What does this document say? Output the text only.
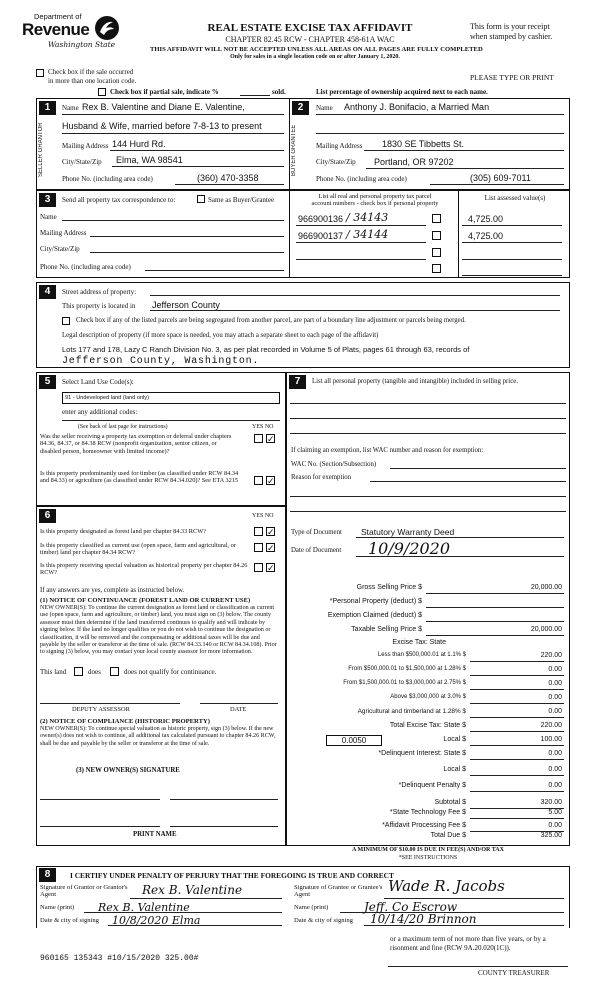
Department of
Revenue
Washington State
REAL ESTATE EXCISE TAX AFFIDAVIT
CHAPTER 82.45 RCW - CHAPTER 458-61A WAC
THIS AFFIDAVIT WILL NOT BE ACCEPTED UNLESS ALL AREAS ON ALL PAGES ARE FULLY COMPLETED
Only for sales in a single location code on or after January 1, 2020.
This form is your receipt
when stamped by cashier.
PLEASE TYPE OR PRINT
Check box if the sale occurred
in more than one location code.
Check box if partial sale, indicate %	sold.	List percentage of ownership acquired next to each name.
1
SELLER GRANTOR
Name Rex B. Valentine and Diane E. Valentine,
Husband & Wife, married before 7-8-13 to present
Mailing Address 144 Hurd Rd.
City/State/Zip Elma, WA 98541
Phone No. (including area code)	(360) 470-3358
2
BUYER GRANTEE
Name Anthony J. Bonifacio, a Married Man
Mailing Address 1830 SE Tibbetts St.
City/State/Zip Portland, OR 97202
Phone No. (including area code)	(305) 609-7011
3	Send all property tax correspondence to:	Same as Buyer/Grantee
Name
Mailing Address
City/State/Zip
Phone No. (including area code)
List all real and personal property tax parcel
account numbers - check box if personal property
List assessed value(s)
966900136 / 34143	4,725.00
966900137 / 34144	4,725.00
4	Street address of property:
This property is located in Jefferson County
Check box if any of the listed parcels are being segregated from another parcel, are part of a boundary line adjustment or parcels being merged.
Legal description of property (if more space is needed, you may attach a separate sheet to each page of the affidavit)
Lots 177 and 178, Lazy C Ranch Division No. 3, as per plat recorded in Volume 5 of Plats, pages 61 through 63, records of
Jefferson County, Washington.
5	Select Land Use Code(s):
91 - Undeveloped land (land only)
enter any additional codes:
(See back of last page for instructions)	YES NO
Was the seller receiving a property tax exemption or deferral under chapters 84.36, 84.37, or 84.38 RCW (nonprofit organization, senior citizen, or disabled person, homeowner with limited income)?
✓
Is this property predominantly used for timber (as classified under RCW 84.34 and 84.33) or agriculture (as classified under RCW 84.34.020)? See ETA 3215	✓
6	YES NO
Is this property designated as forest land per chapter 84.33 RCW?	✓
Is this property classified as current use (open space, farm and agricultural, or timber) land per chapter 84.34 RCW?	✓
Is this property receiving special valuation as historical property per chapter 84.26 RCW?	✓
If any answers are yes, complete as instructed below.
(1) NOTICE OF CONTINUANCE (FOREST LAND OR CURRENT USE)
NEW OWNER(S): To continue the current designation as forest land or classification as current use (open space, farm and agriculture, or timber) land, you must sign on (3) below. The county assessor must then determine if the land transferred continues to qualify and will indicate by signing below. If the land no longer qualifies or you do not wish to continue the designation or classification, it will be removed and the compensating or additional taxes will be due and payable by the seller or transferor at the time of sale. (RCW 84.33.140 or RCW 84.34.108). Prior to signing (3) below, you may contact your local county assessor for more information.
This land	does	does not qualify for continuance.
DEPUTY ASSESSOR	DATE
(2) NOTICE OF COMPLIANCE (HISTORIC PROPERTY)
NEW OWNER(S): To continue special valuation as historic property, sign (3) below. If the new owner(s) does not wish to continue, all additional tax calculated pursuant to chapter 84.26 RCW, shall be due and payable by the seller or transferor at the time of sale.
(3) NEW OWNER(S) SIGNATURE
PRINT NAME
7	List all personal property (tangible and intangible) included in selling price.
If claiming an exemption, list WAC number and reason for exemption:
WAC No. (Section/Subsection)
Reason for exemption
Type of Document Statutory Warranty Deed
Date of Document 10/9/2020
Gross Selling Price $	20,000.00
*Personal Property (deduct) $
Exemption Claimed (deduct) $
Taxable Selling Price $	20,000.00
Excise Tax: State
Less than $500,000.01 at 1.1% $	220.00
From $500,000.01 to $1,500,000 at 1.28% $	0.00
From $1,500,000.01 to $3,000,000 at 2.75% $	0.00
Above $3,000,000 at 3.0% $	0.00
Agricultural and timberland at 1.28% $	0.00
Total Excise Tax: State $	220.00
0.0050	Local $	100.00
*Delinquent Interest: State $	0.00
Local $	0.00
*Delinquent Penalty $	0.00
Subtotal $	320.00
*State Technology Fee $	5.00
*Affidavit Processing Fee $	0.00
Total Due $	325.00
A MINIMUM OF $10.00 IS DUE IN FEE(S) AND/OR TAX
*SEE INSTRUCTIONS
8	I CERTIFY UNDER PENALTY OF PERJURY THAT THE FOREGOING IS TRUE AND CORRECT
Signature of Grantor or Grantor's Agent	Rex B. Valentine
Name (print) Rex B. Valentine
Date & city of signing 10/8/2020 Elma
Signature of Grantee or Grantee's Agent	Wade R. Jacobs
Name (print)	Jeff. Co Escrow
Date & city of signing 10/14/20 Brinnon
or a maximum term of not more than five years, or by a
risonment and fine (RCW 9A.20.020(1C)).
COUNTY TREASURER
960165 135343 #10/15/2020 325.00#
